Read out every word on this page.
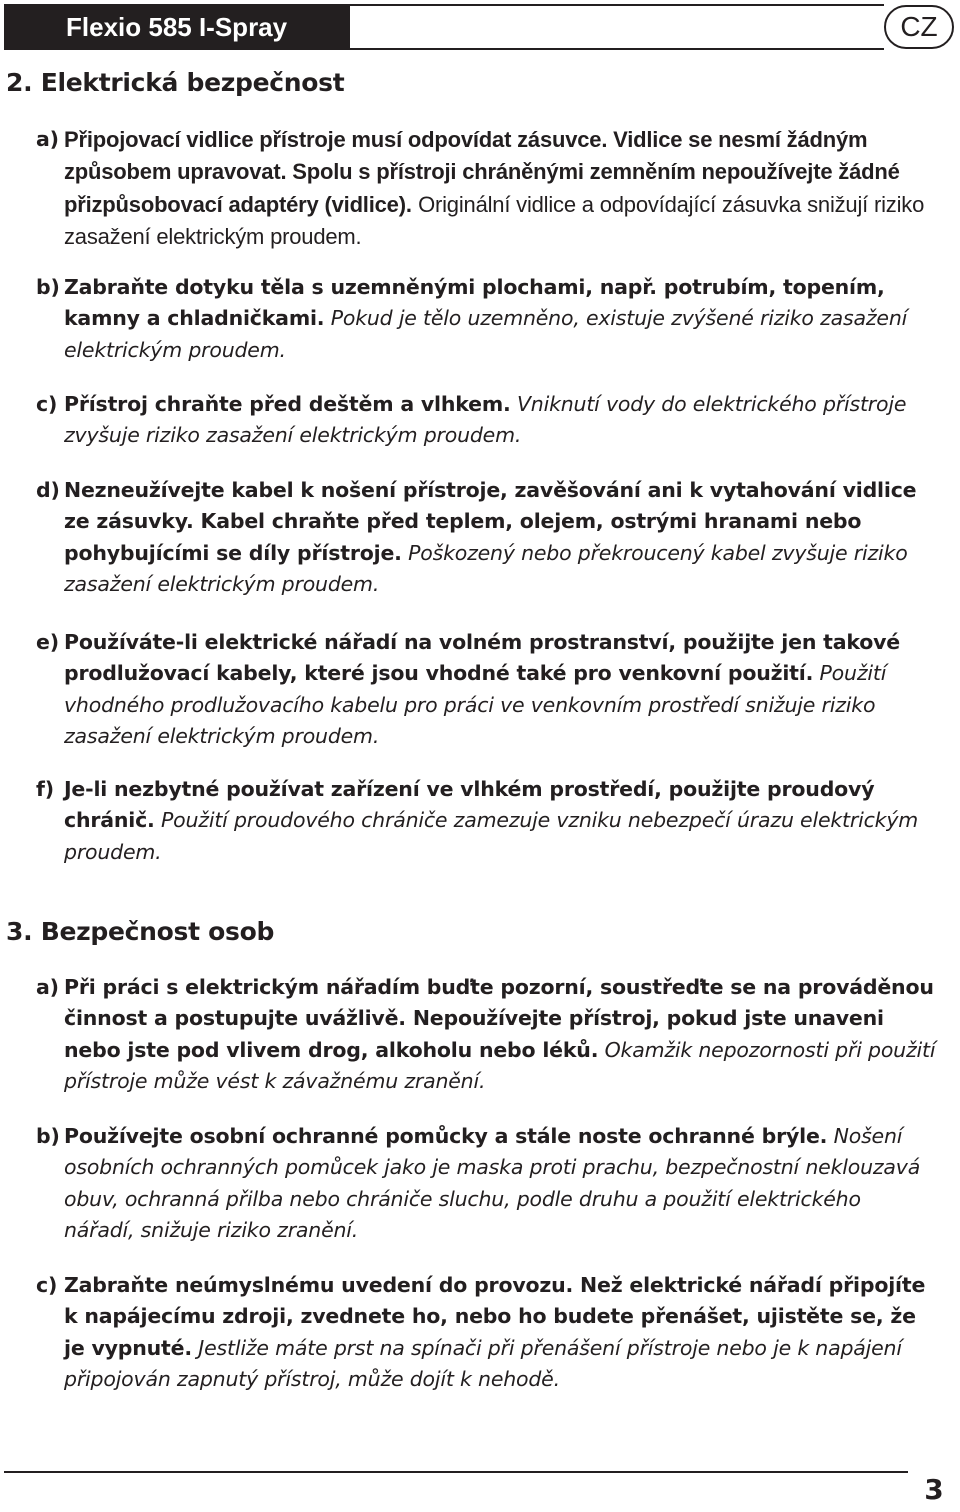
Flexio 585 I-Spray	CZ
2. Elektrická bezpečnost
a) Připojovací vidlice přístroje musí odpovídat zásuvce. Vidlice se nesmí žádným způsobem upravovat. Spolu s přístroji chráněnými zemněním nepoužívejte žádné přizpůsobovací adaptéry (vidlice). Originální vidlice a odpovídající zásuvka snižují riziko zasažení elektrickým proudem.
b) Zabraňte dotyku těla s uzemněnými plochami, např. potrubím, topením, kamny a chladničkami. Pokud je tělo uzemněno, existuje zvýšené riziko zasažení elektrickým proudem.
c) Přístroj chraňte před deštěm a vlhkem. Vniknutí vody do elektrického přístroje zvyšuje riziko zasažení elektrickým proudem.
d) Nezneužívejte kabel k nošení přístroje, zavěšování ani k vytahování vidlice ze zásuvky. Kabel chraňte před teplem, olejem, ostrými hranami nebo pohybujícími se díly přístroje. Poškozený nebo překroucený kabel zvyšuje riziko zasažení elektrickým proudem.
e) Používáte-li elektrické nářadí na volném prostranství, použijte jen takové prodlužovací kabely, které jsou vhodné také pro venkovní použití. Použití vhodného prodlužovacího kabelu pro práci ve venkovním prostředí snižuje riziko zasažení elektrickým proudem.
f) Je-li nezbytné používat zařízení ve vlhkém prostředí, použijte proudový chránič. Použití proudového chrániče zamezuje vzniku nebezpečí úrazu elektrickým proudem.
3. Bezpečnost osob
a) Při práci s elektrickým nářadím buďte pozorní, soustřeďte se na prováděnou činnost a postupujte uvážlivě. Nepoužívejte přístroj, pokud jste unaveni nebo jste pod vlivem drog, alkoholu nebo léků. Okamžik nepozornosti při použití přístroje může vést k závažnému zranění.
b) Používejte osobní ochranné pomůcky a stále noste ochranné brýle. Nošení osobních ochranných pomůcek jako je maska proti prachu, bezpečnostní neklouzavá obuv, ochranná přilba nebo chrániče sluchu, podle druhu a použití elektrického nářadí, snižuje riziko zranění.
c) Zabraňte neúmyslnému uvedení do provozu. Než elektrické nářadí připojíte k napájecímu zdroji, zvednete ho, nebo ho budete přenášet, ujistěte se, že je vypnuté. Jestliže máte prst na spínači při přenášení přístroje nebo je k napájení připojován zapnutý přístroj, může dojít k nehodě.
3
